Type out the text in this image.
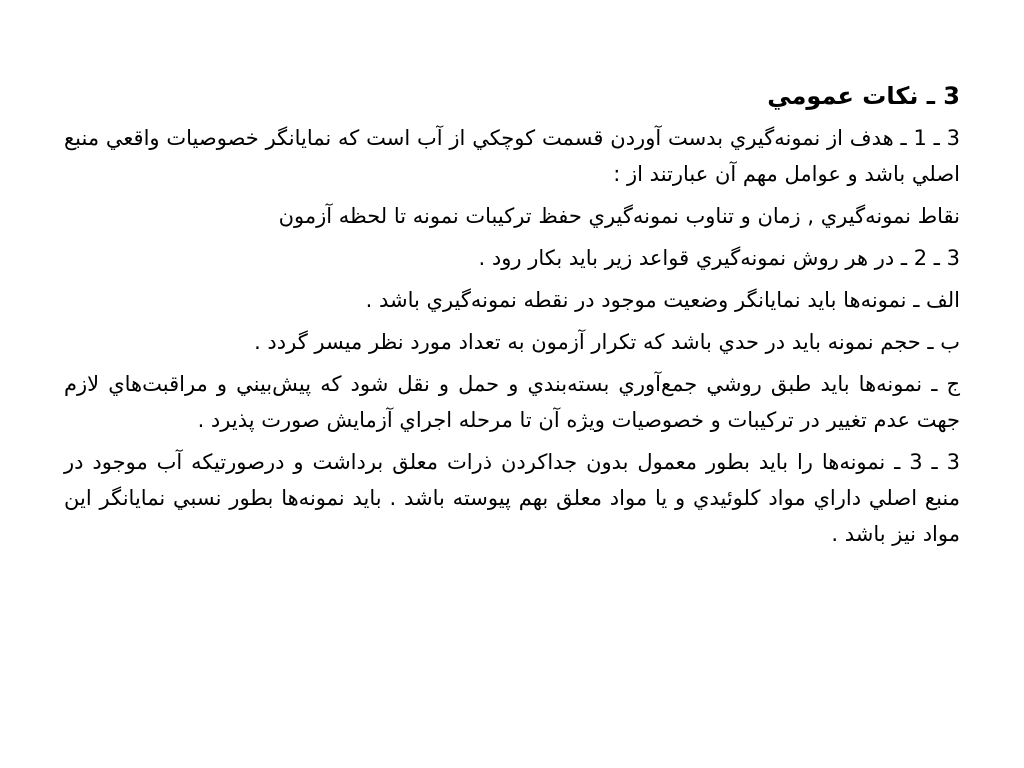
3 ـ نكات عمومي
3 ـ 1 ـ هدف از نمونه‌گيري بدست آوردن قسمت كوچكي از آب است كه نمايانگر خصوصيات واقعي منبع اصلي باشد و عوامل مهم آن عبارتند از :
نقاط نمونه‌گيري , زمان و تناوب نمونه‌گيري حفظ تركيبات نمونه تا لحظه آزمون
3 ـ 2 ـ در هر روش نمونه‌گيري قواعد زير بايد بكار رود .
الف ـ نمونه‌ها بايد نمايانگر وضعيت موجود در نقطه نمونه‌گيري باشد .
ب ـ حجم نمونه بايد در حدي باشد كه تكرار آزمون به تعداد مورد نظر ميسر گردد .
ج ـ نمونه‌ها بايد طبق روشي جمع‌آوري بسته‌بندي و حمل و نقل شود كه پيش‌بيني و مراقبت‌هاي لازم جهت عدم تغيير در تركيبات و خصوصيات ويژه آن تا مرحله اجراي آزمايش صورت پذيرد .
3 ـ 3 ـ نمونه‌ها را بايد بطور معمول بدون جداكردن ذرات معلق برداشت و درصورتيكه آب موجود در منبع اصلي داراي مواد كلوئيدي و يا مواد معلق بهم پيوسته باشد . بايد نمونه‌ها بطور نسبي نمايانگر اين مواد نيز باشد .
